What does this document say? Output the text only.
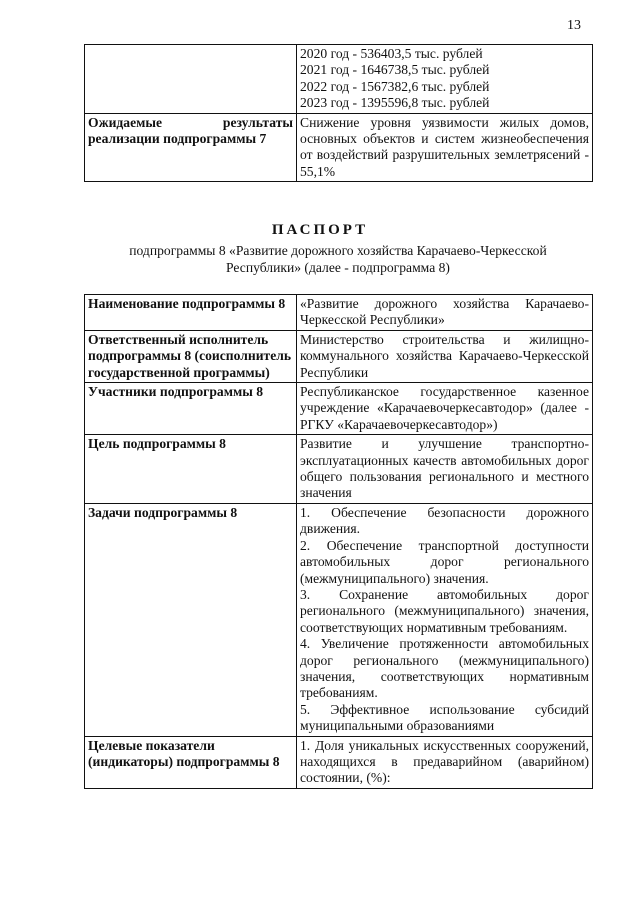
13

	2020 год - 536403,5 тыс. рублей
2021 год - 1646738,5 тыс. рублей
2022 год - 1567382,6 тыс. рублей
2023 год - 1395596,8 тыс. рублей

Ожидаемые результаты реализации подпрограммы 7	Снижение уровня уязвимости жилых домов, основных объектов и систем жизнеобеспечения от воздействий разрушительных землетрясений - 55,1%
ПАСПОРТ
подпрограммы 8 «Развитие дорожного хозяйства Карачаево-Черкесской Республики» (далее - подпрограмма 8)
Наименование подпрограммы 8	«Развитие дорожного хозяйства Карачаево-Черкесской Республики»
Ответственный исполнитель подпрограммы 8 (соисполнитель государственной программы)	Министерство строительства и жилищно-коммунального хозяйства Карачаево-Черкесской Республики
Участники подпрограммы 8	Республиканское государственное казенное учреждение «Карачаевочеркесавтодор» (далее - РГКУ «Карачаевочеркесавтодор»)
Цель подпрограммы 8	Развитие и улучшение транспортно-эксплуатационных качеств автомобильных дорог общего пользования регионального и местного значения
Задачи подпрограммы 8	1. Обеспечение безопасности дорожного движения.
2. Обеспечение транспортной доступности автомобильных дорог регионального (межмуниципального) значения.
3. Сохранение автомобильных дорог регионального (межмуниципального) значения, соответствующих нормативным требованиям.
4. Увеличение протяженности автомобильных дорог регионального (межмуниципального) значения, соответствующих нормативным требованиям.
5. Эффективное использование субсидий муниципальными образованиями

Целевые показатели (индикаторы) подпрограммы 8	1. Доля уникальных искусственных сооружений, находящихся в предаварийном (аварийном) состоянии, (%):
